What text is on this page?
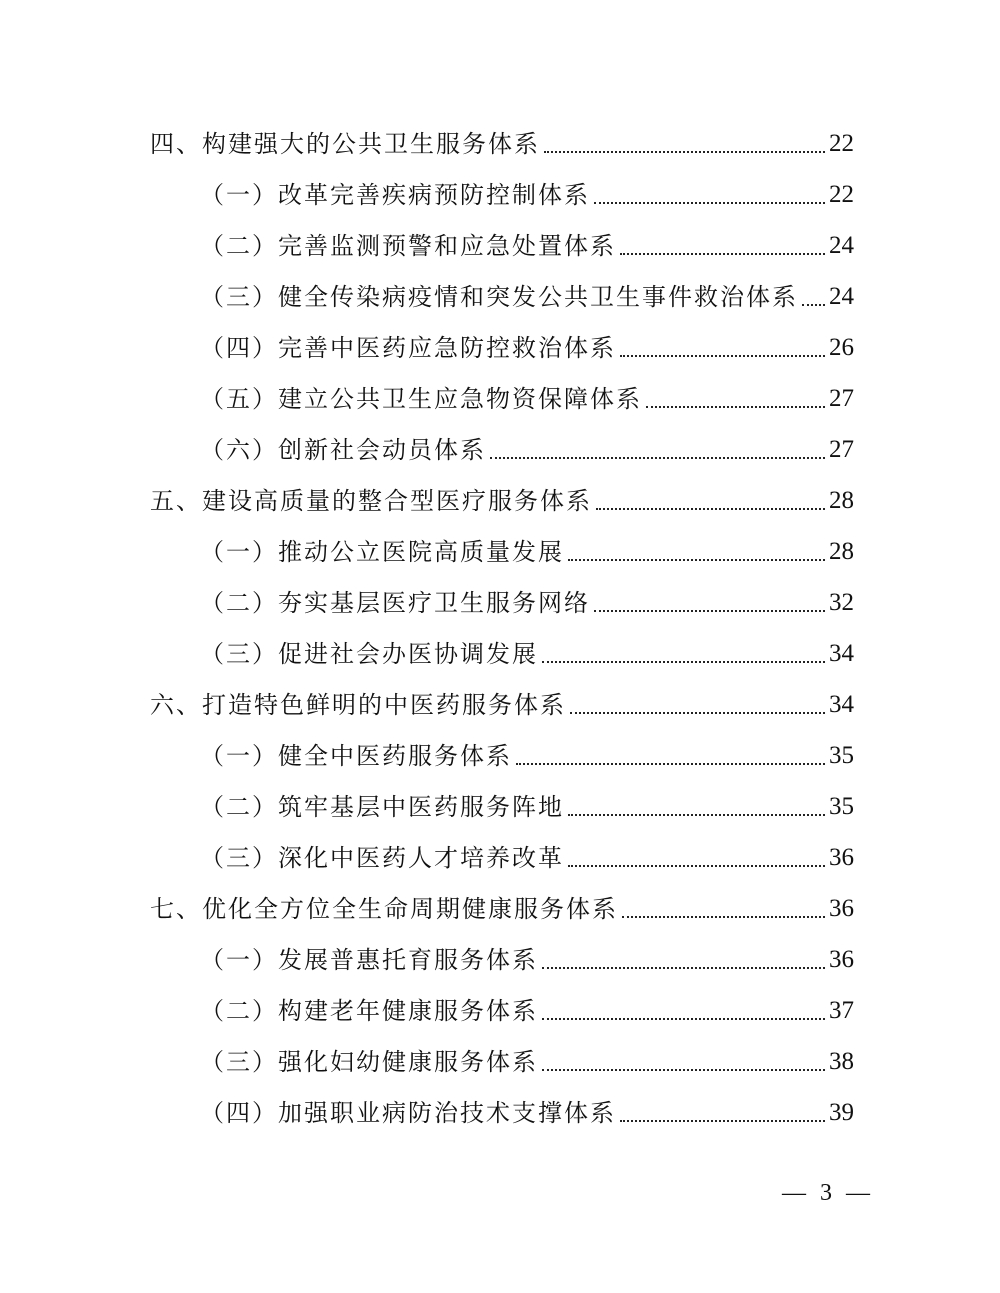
四、构建强大的公共卫生服务体系	22
（一）改革完善疾病预防控制体系	22
（二）完善监测预警和应急处置体系	24
（三）健全传染病疫情和突发公共卫生事件救治体系 24
（四）完善中医药应急防控救治体系	26
（五）建立公共卫生应急物资保障体系	27
（六）创新社会动员体系	27
五、建设高质量的整合型医疗服务体系	28
（一）推动公立医院高质量发展	28
（二）夯实基层医疗卫生服务网络	32
（三）促进社会办医协调发展	34
六、打造特色鲜明的中医药服务体系	34
（一）健全中医药服务体系	35
（二）筑牢基层中医药服务阵地	35
（三）深化中医药人才培养改革	36
七、优化全方位全生命周期健康服务体系	36
（一）发展普惠托育服务体系	36
（二）构建老年健康服务体系	37
（三）强化妇幼健康服务体系	38
（四）加强职业病防治技术支撑体系	39
— 3 —
